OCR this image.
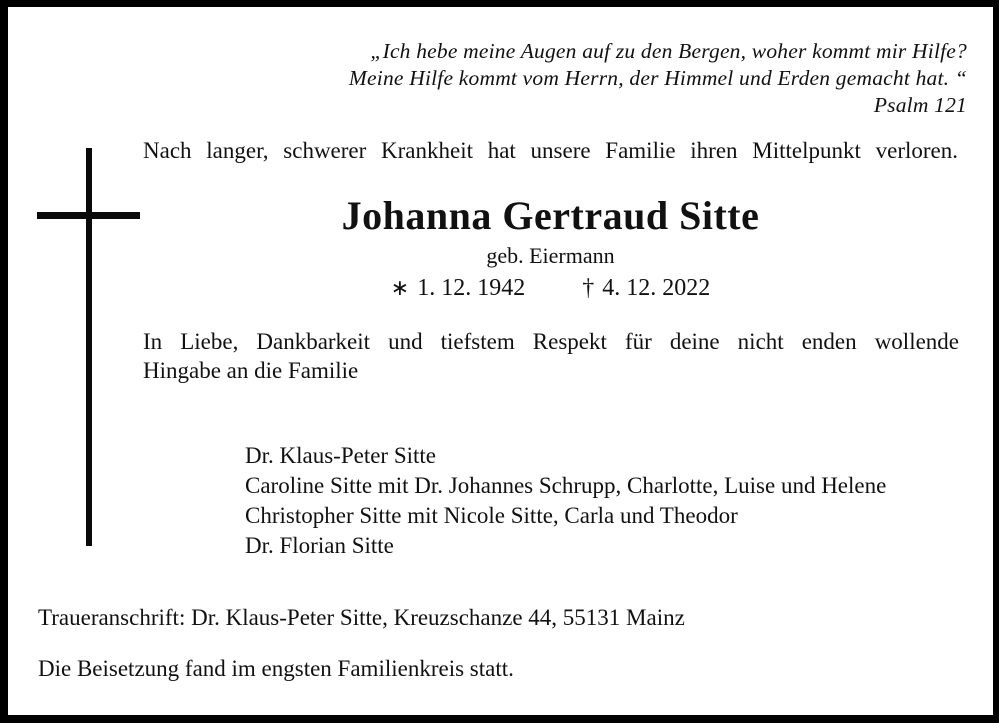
„Ich hebe meine Augen auf zu den Bergen, woher kommt mir Hilfe?
Meine Hilfe kommt vom Herrn, der Himmel und Erden gemacht hat. “
Psalm 121
Nach langer, schwerer Krankheit hat unsere Familie ihren Mittelpunkt verloren.
Johanna Gertraud Sitte
geb. Eiermann
∗ 1. 12. 1942 † 4. 12. 2022
In Liebe, Dankbarkeit und tiefstem Respekt für deine nicht enden wollende
Hingabe an die Familie
Dr. Klaus-Peter Sitte
Caroline Sitte mit Dr. Johannes Schrupp, Charlotte, Luise und Helene
Christopher Sitte mit Nicole Sitte, Carla und Theodor
Dr. Florian Sitte
Traueranschrift: Dr. Klaus-Peter Sitte, Kreuzschanze 44, 55131 Mainz
Die Beisetzung fand im engsten Familienkreis statt.
